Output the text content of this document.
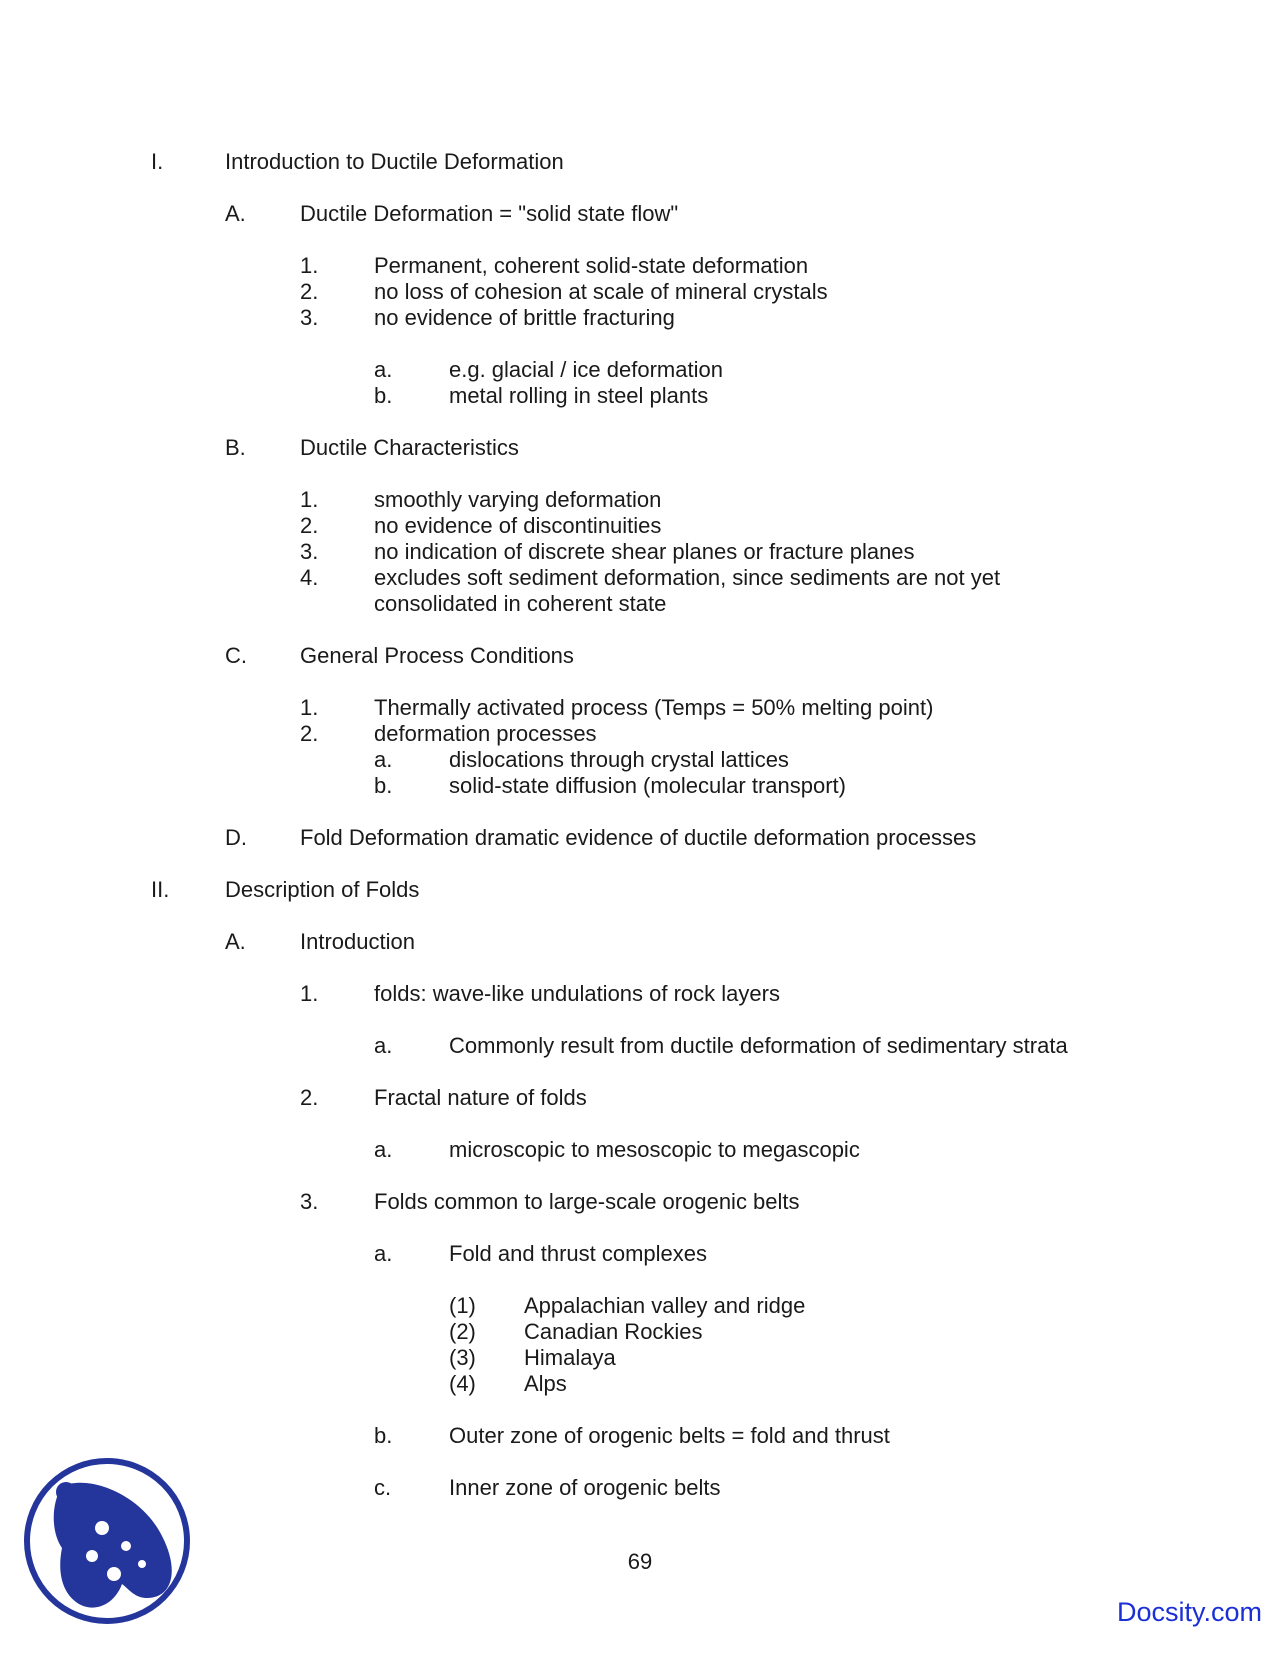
I.	Introduction to Ductile Deformation
A. Ductile Deformation = "solid state flow"
1.	Permanent, coherent solid-state deformation
2.	no loss of cohesion at scale of mineral crystals
3.	no evidence of brittle fracturing
a.	e.g. glacial / ice deformation
b.	metal rolling in steel plants
B. Ductile Characteristics
1.	smoothly varying deformation
2.	no evidence of discontinuities
3.	no indication of discrete shear planes or fracture planes
4.	excludes soft sediment deformation, since sediments are not yet
consolidated in coherent state
C. General Process Conditions
1.	Thermally activated process (Temps = 50% melting point)
2.	deformation processes
a.	dislocations through crystal lattices
b.	solid-state diffusion (molecular transport)
D. Fold Deformation dramatic evidence of ductile deformation processes
II.	Description of Folds
A. Introduction
1.	folds: wave-like undulations of rock layers
a.	Commonly result from ductile deformation of sedimentary strata
2.	Fractal nature of folds
a.	microscopic to mesoscopic to megascopic
3.	Folds common to large-scale orogenic belts
a.	Fold and thrust complexes
(1) Appalachian valley and ridge
(2) Canadian Rockies
(3) Himalaya
(4) Alps
b.	Outer zone of orogenic belts = fold and thrust
c.	Inner zone of orogenic belts
69
Docsity.com
